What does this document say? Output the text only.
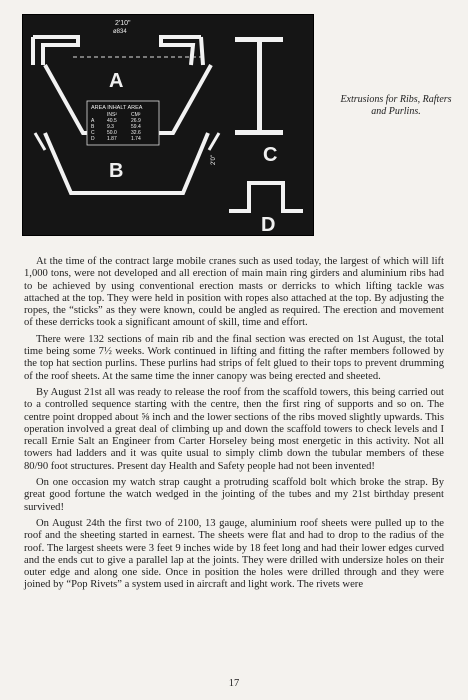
2'10"
ø834
A
B
C
D
2'0"
AREA INHALT AREA
INS²	CM²
A	40.5	26.9
B	9.3	59.4
C 50.0	32.6
D 1.87	1.74
Extrusions for Ribs, Rafters and Purlins.

At the time of the contract large mobile cranes such as used today, the largest of which will lift 1,000 tons, were not developed and all erection of main main ring girders and aluminium ribs had to be achieved by using conventional erection masts or derricks to which lifting tackle was attached at the top. They were held in position with ropes also attached at the top. By adjusting the ropes, the “sticks” as they were known, could be angled as required. The erection and movement of these derricks took a significant amount of skill, time and effort.

There were 132 sections of main rib and the final section was erected on 1st August, the total time being some 7½ weeks. Work continued in lifting and fitting the rafter members followed by the top hat section purlins. These purlins had strips of felt glued to their tops to prevent drumming of the roof sheets. At the same time the inner canopy was being erected and sheeted.

By August 21st all was ready to release the roof from the scaffold towers, this being carried out to a controlled sequence starting with the centre, then the first ring of supports and so on. The centre point dropped about ⅝ inch and the lower sections of the ribs moved slightly upwards. This operation involved a great deal of climbing up and down the scaffold towers to check levels and I recall Ernie Salt an Engineer from Carter Horseley being most energetic in this activity. Not all towers had ladders and it was quite usual to simply climb down the tubular members of these 80/90 foot structures. Present day Health and Safety people had not been invented!

On one occasion my watch strap caught a protruding scaffold bolt which broke the strap. By great good fortune the watch wedged in the jointing of the tubes and my 21st birthday present survived!

On August 24th the first two of 2100, 13 gauge, aluminium roof sheets were pulled up to the roof and the sheeting started in earnest. The sheets were flat and had to drop to the radius of the roof. The largest sheets were 3 feet 9 inches wide by 18 feet long and had their lower edges curved and the ends cut to give a parallel lap at the joints. They were drilled with undersize holes on their outer edge and along one side. Once in position the holes were drilled through and they were joined by “Pop Rivets” a system used in aircraft and light work. The rivets were

17
